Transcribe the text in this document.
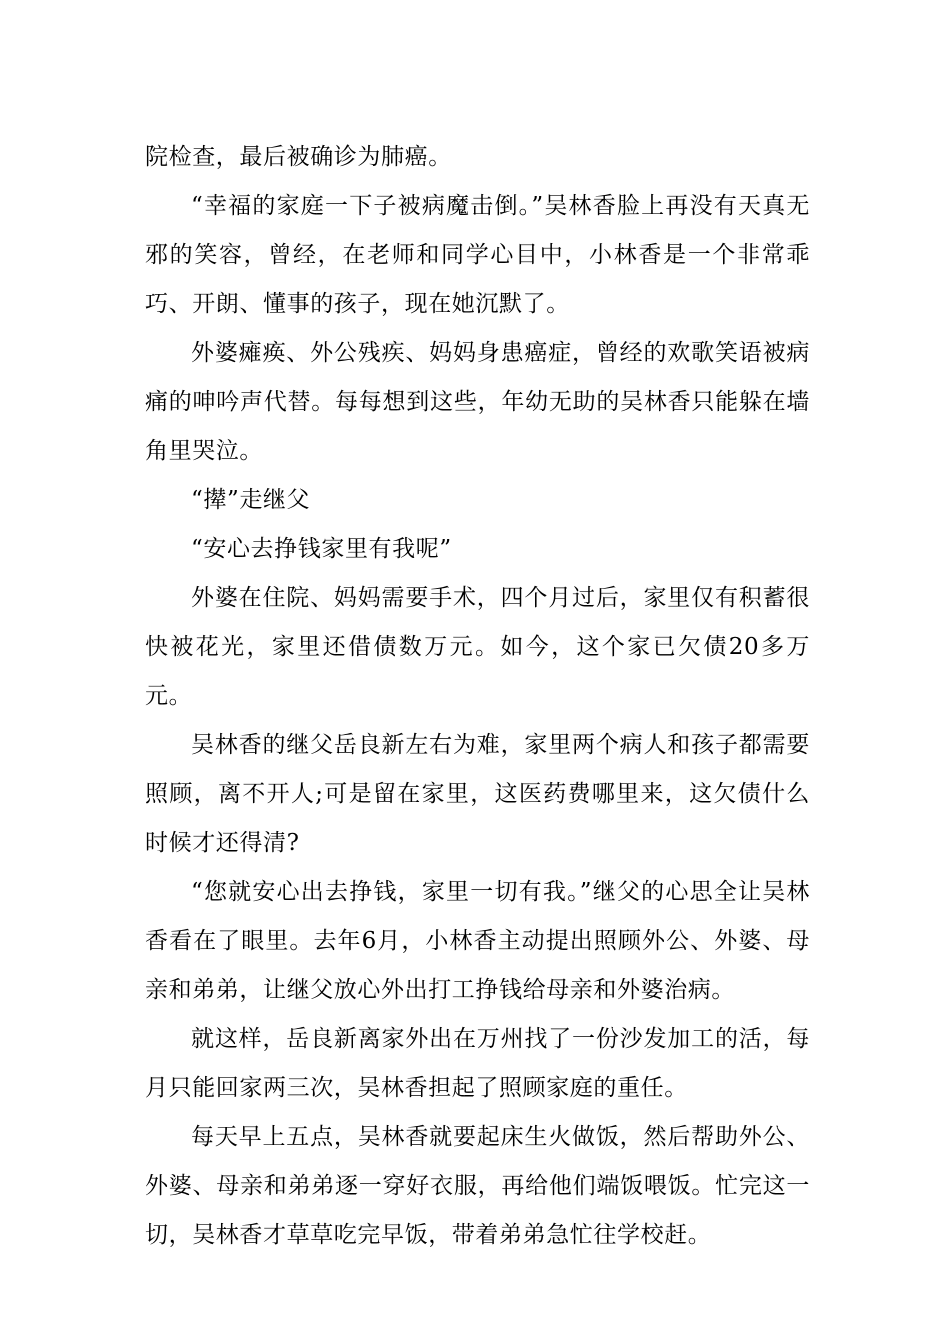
院检查，最后被确诊为肺癌。

“幸福的家庭一下子被病魔击倒。”吴林香脸上再没有天真无邪的笑容，曾经，在老师和同学心目中，小林香是一个非常乖巧、开朗、懂事的孩子，现在她沉默了。

外婆瘫痪、外公残疾、妈妈身患癌症，曾经的欢歌笑语被病痛的呻吟声代替。每每想到这些，年幼无助的吴林香只能躲在墙角里哭泣。

“撵”走继父

“安心去挣钱家里有我呢”

外婆在住院、妈妈需要手术，四个月过后，家里仅有积蓄很快被花光，家里还借债数万元。如今，这个家已欠债20多万元。

吴林香的继父岳良新左右为难，家里两个病人和孩子都需要照顾，离不开人;可是留在家里，这医药费哪里来，这欠债什么时候才还得清?

“您就安心出去挣钱，家里一切有我。”继父的心思全让吴林香看在了眼里。去年6月，小林香主动提出照顾外公、外婆、母亲和弟弟，让继父放心外出打工挣钱给母亲和外婆治病。

就这样，岳良新离家外出在万州找了一份沙发加工的活，每月只能回家两三次，吴林香担起了照顾家庭的重任。

每天早上五点，吴林香就要起床生火做饭，然后帮助外公、外婆、母亲和弟弟逐一穿好衣服，再给他们端饭喂饭。忙完这一切，吴林香才草草吃完早饭，带着弟弟急忙往学校赶。
